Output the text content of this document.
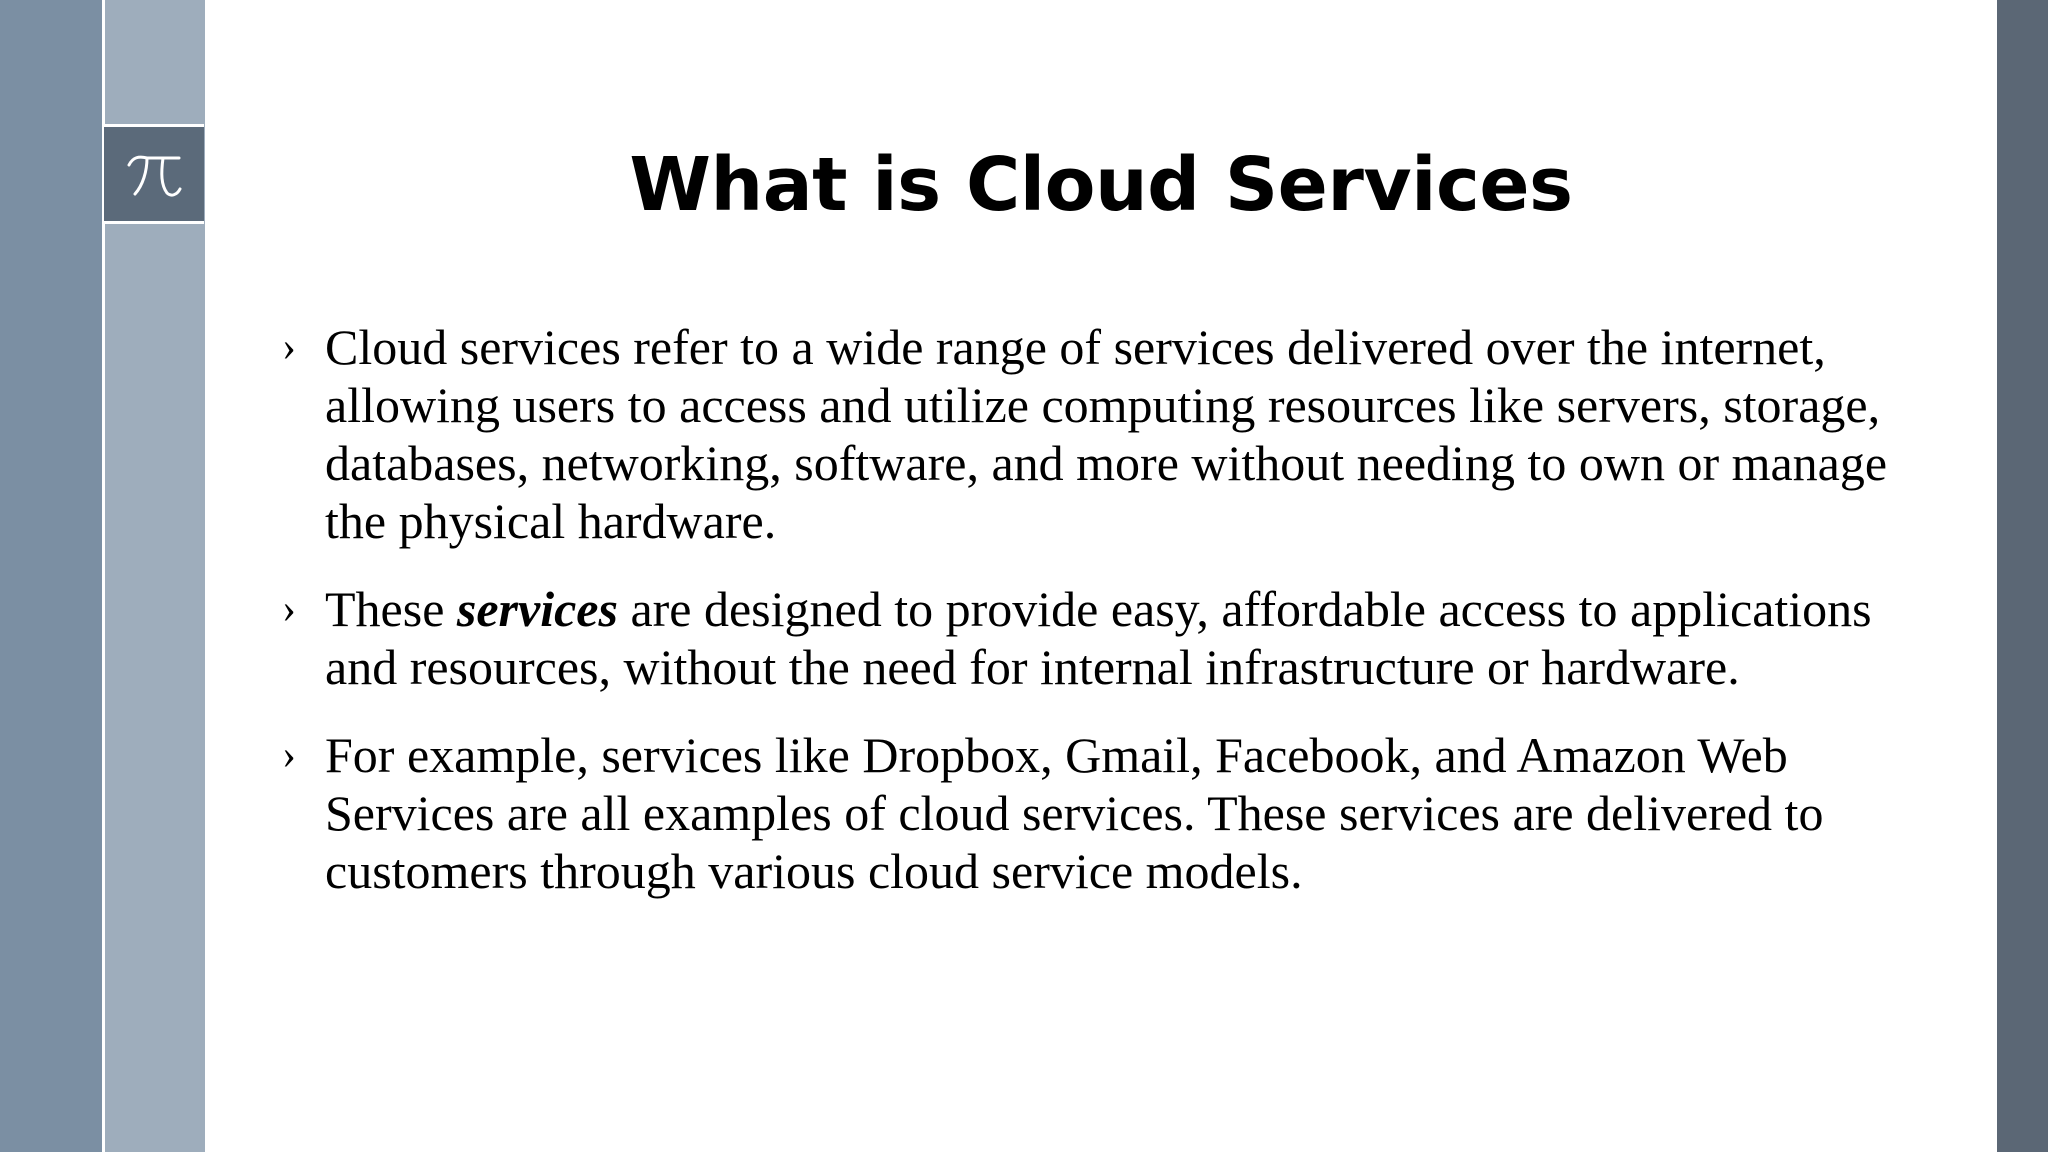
What is Cloud Services
› Cloud services refer to a wide range of services delivered over the internet, allowing users to access and utilize computing resources like servers, storage, databases, networking, software, and more without needing to own or manage the physical hardware.
› These services are designed to provide easy, affordable access to applications and resources, without the need for internal infrastructure or hardware.
› For example, services like Dropbox, Gmail, Facebook, and Amazon Web Services are all examples of cloud services. These services are delivered to customers through various cloud service models.
